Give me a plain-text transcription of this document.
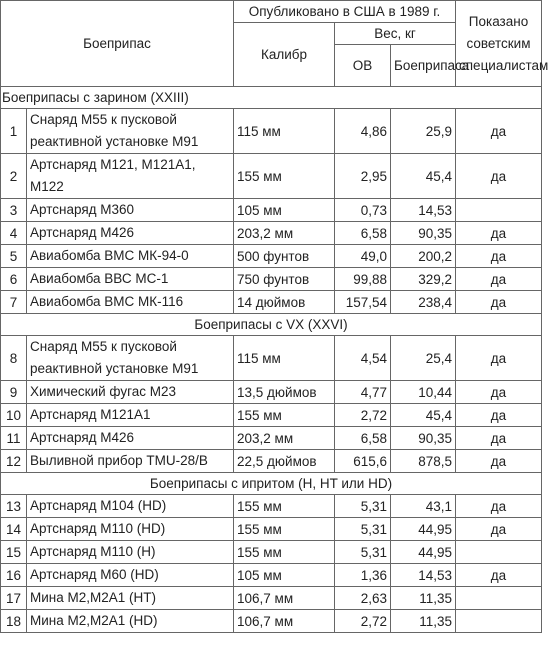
Боеприпас		Опубликовано в США в 1989 г.			Показано советским специалистам
		Калибр	Вес, кг		
			ОВ	Боеприпаса	
Боеприпасы с зарином (XXIII)					
1	Снаряд М55 к пусковой реактивной установке М91	115 мм	4,86	25,9	да
2	Артснаряд М121, М121А1, М122	155 мм	2,95	45,4	да
3	Артснаряд М360	105 мм	0,73	14,53	
4	Артснаряд М426	203,2 мм	6,58	90,35	да
5	Авиабомба ВМС МК-94-0	500 фунтов	49,0	200,2	да
6	Авиабомба ВВС МС-1	750 фунтов	99,88	329,2	да
7	Авиабомба ВМС МК-116	14 дюймов	157,54	238,4	да
Боеприпасы с VX (XXVI)					
8	Снаряд М55 к пусковой реактивной установке М91	115 мм	4,54	25,4	да
9	Химический фугас М23	13,5 дюймов	4,77	10,44	да
10	Артснаряд М121А1	155 мм	2,72	45,4	да
11	Артснаряд М426	203,2 мм	6,58	90,35	да
12	Выливной прибор TMU-28/B	22,5 дюймов	615,6	878,5	да
Боеприпасы с ипритом (H, HT или HD)					
13	Артснаряд М104 (HD)	155 мм	5,31	43,1	да
14	Артснаряд М110 (HD)	155 мм	5,31	44,95	да
15	Артснаряд М110 (H)	155 мм	5,31	44,95	
16	Артснаряд М60 (HD)	105 мм	1,36	14,53	да
17	Мина M2,M2A1 (HT)	106,7 мм	2,63	11,35	
18	Мина M2,M2A1 (HD)	106,7 мм	2,72	11,35	
